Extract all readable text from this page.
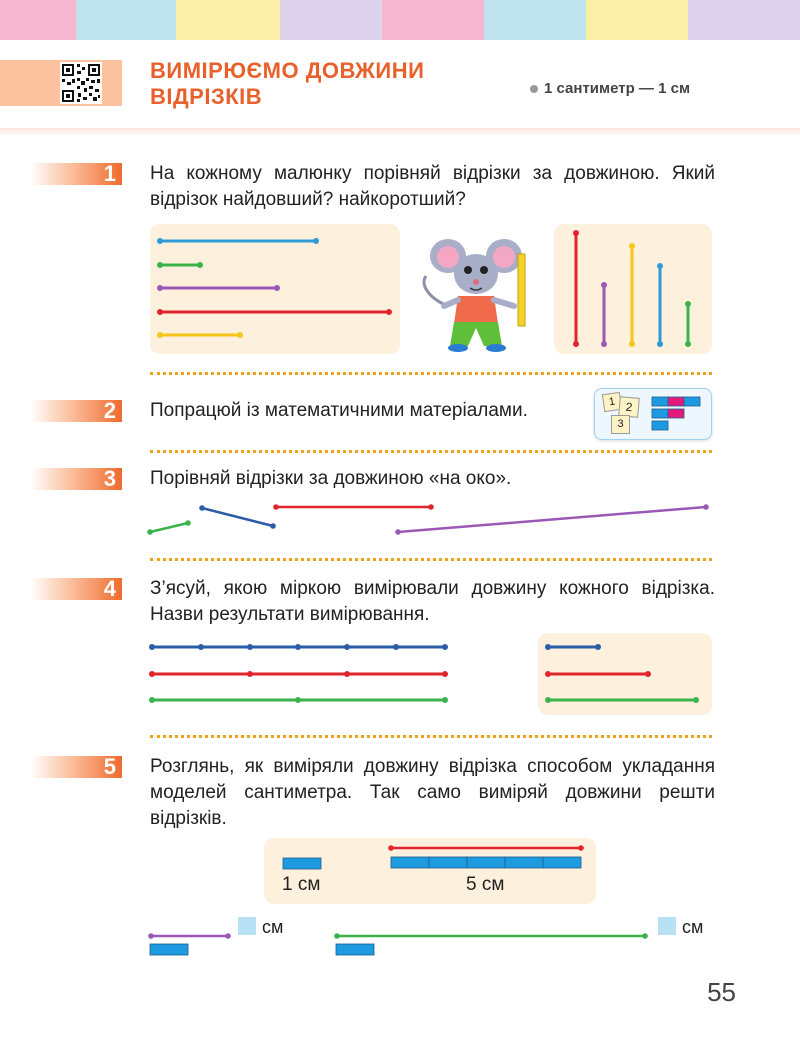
ВИМІРЮЄМО ДОВЖИНИ
ВІДРІЗКІВ	1 сантиметр — 1 см
1 На кожному малюнку порівняй відрізки за довжиною. Який відрізок найдовший? найкоротший?
2 Попрацюй із математичними матеріалами.	1 2
3
3 Порівняй відрізки за довжиною «на око».
4 З’ясуй, якою міркою вимірювали довжину кожного відрізка. Назви результати вимірювання.
5 Розглянь, як виміряли довжину відрізка способом укладання моделей сантиметра. Так само виміряй довжини решти відрізків.
1 см	5 см
см	см
55
